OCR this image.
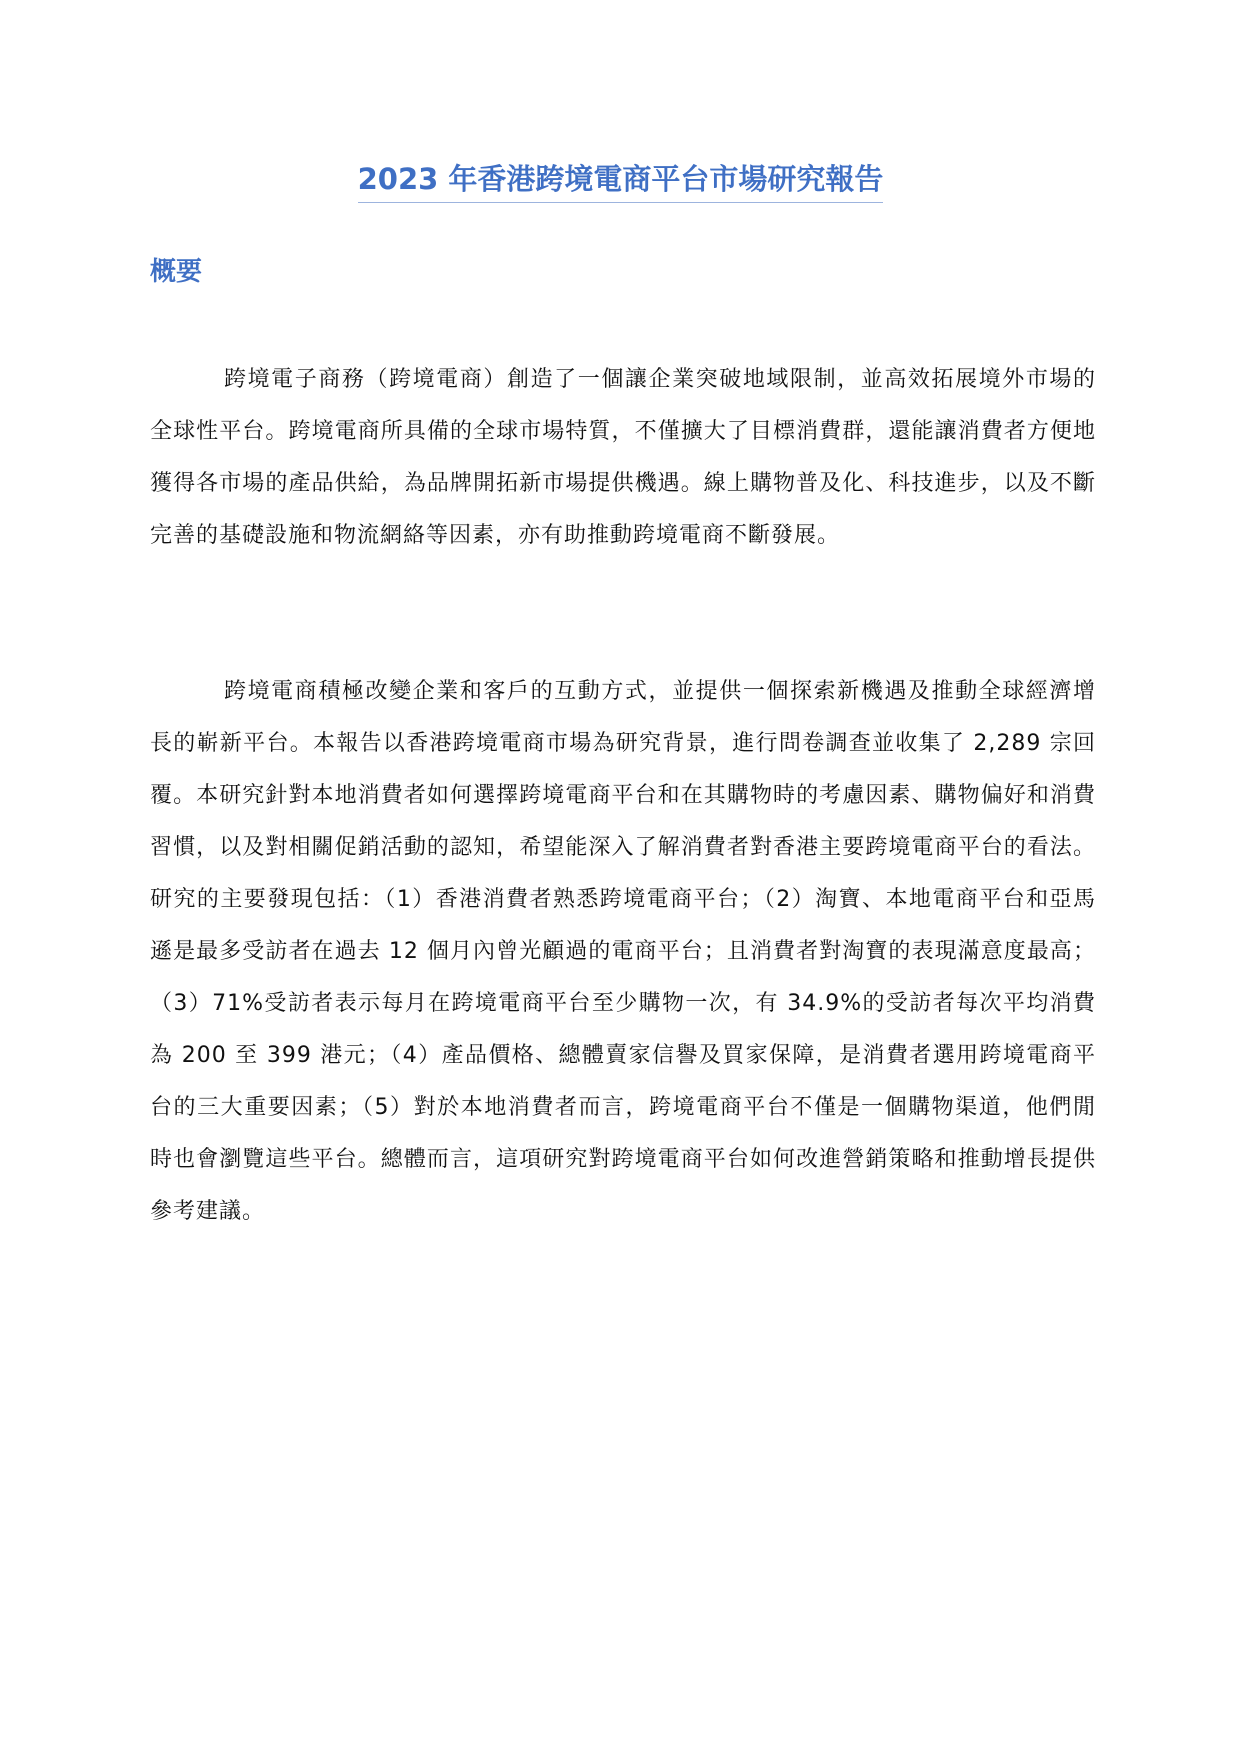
2023 年香港跨境電商平台市場研究報告
概要

跨境電子商務（跨境電商）創造了一個讓企業突破地域限制，並高效拓展境外市場的全球性平台。跨境電商所具備的全球市場特質，不僅擴大了目標消費群，還能讓消費者方便地獲得各市場的產品供給，為品牌開拓新市場提供機遇。線上購物普及化、科技進步，以及不斷完善的基礎設施和物流網絡等因素，亦有助推動跨境電商不斷發展。

跨境電商積極改變企業和客戶的互動方式，並提供一個探索新機遇及推動全球經濟增長的嶄新平台。本報告以香港跨境電商市場為研究背景，進行問卷調查並收集了 2,289 宗回覆。本研究針對本地消費者如何選擇跨境電商平台和在其購物時的考慮因素、購物偏好和消費習慣，以及對相關促銷活動的認知，希望能深入了解消費者對香港主要跨境電商平台的看法。研究的主要發現包括：（1）香港消費者熟悉跨境電商平台；（2）淘寶、本地電商平台和亞馬遜是最多受訪者在過去 12 個月內曾光顧過的電商平台；且消費者對淘寶的表現滿意度最高；（3）71%受訪者表示每月在跨境電商平台至少購物一次，有 34.9%的受訪者每次平均消費為 200 至 399 港元；（4）產品價格、總體賣家信譽及買家保障，是消費者選用跨境電商平台的三大重要因素；（5）對於本地消費者而言，跨境電商平台不僅是一個購物渠道，他們閒時也會瀏覽這些平台。總體而言，這項研究對跨境電商平台如何改進營銷策略和推動增長提供參考建議。
